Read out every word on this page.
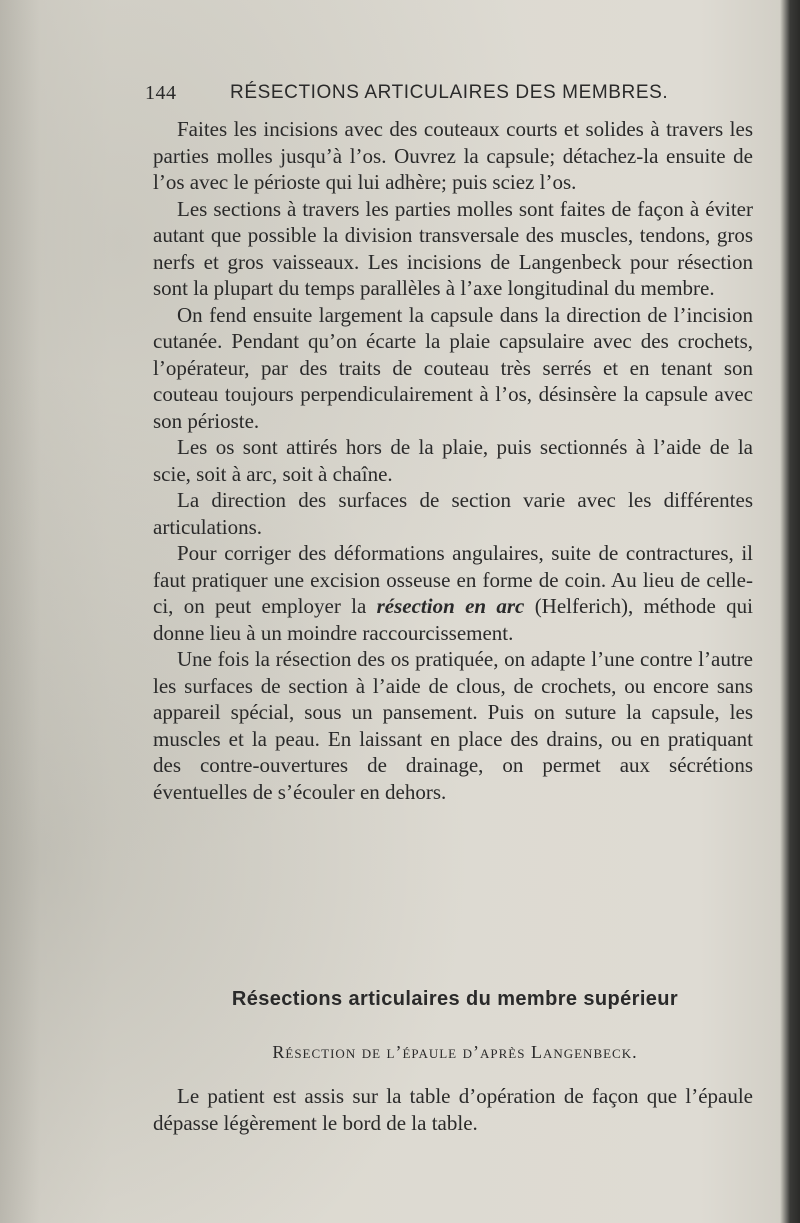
144	RÉSECTIONS ARTICULAIRES DES MEMBRES.

Faites les incisions avec des couteaux courts et solides à travers les parties molles jusqu’à l’os. Ouvrez la capsule; détachez-la ensuite de l’os avec le périoste qui lui adhère; puis sciez l’os.

Les sections à travers les parties molles sont faites de façon à éviter autant que possible la division transversale des muscles, tendons, gros nerfs et gros vaisseaux. Les incisions de Langenbeck pour résection sont la plupart du temps parallèles à l’axe longitudinal du membre.

On fend ensuite largement la capsule dans la direction de l’incision cutanée. Pendant qu’on écarte la plaie capsulaire avec des crochets, l’opérateur, par des traits de couteau très serrés et en tenant son couteau toujours perpendiculairement à l’os, désinsère la capsule avec son périoste.

Les os sont attirés hors de la plaie, puis sectionnés à l’aide de la scie, soit à arc, soit à chaîne.

La direction des surfaces de section varie avec les différentes articulations.

Pour corriger des déformations angulaires, suite de contractures, il faut pratiquer une excision osseuse en forme de coin. Au lieu de celle-ci, on peut employer la résection en arc (Helferich), méthode qui donne lieu à un moindre raccourcissement.

Une fois la résection des os pratiquée, on adapte l’une contre l’autre les surfaces de section à l’aide de clous, de crochets, ou encore sans appareil spécial, sous un pansement. Puis on suture la capsule, les muscles et la peau. En laissant en place des drains, ou en pratiquant des contre-ouvertures de drainage, on permet aux sécrétions éventuelles de s’écouler en dehors.

Résections articulaires du membre supérieur
Résection de l’épaule d’après Langenbeck.

Le patient est assis sur la table d’opération de façon que l’épaule dépasse légèrement le bord de la table.
